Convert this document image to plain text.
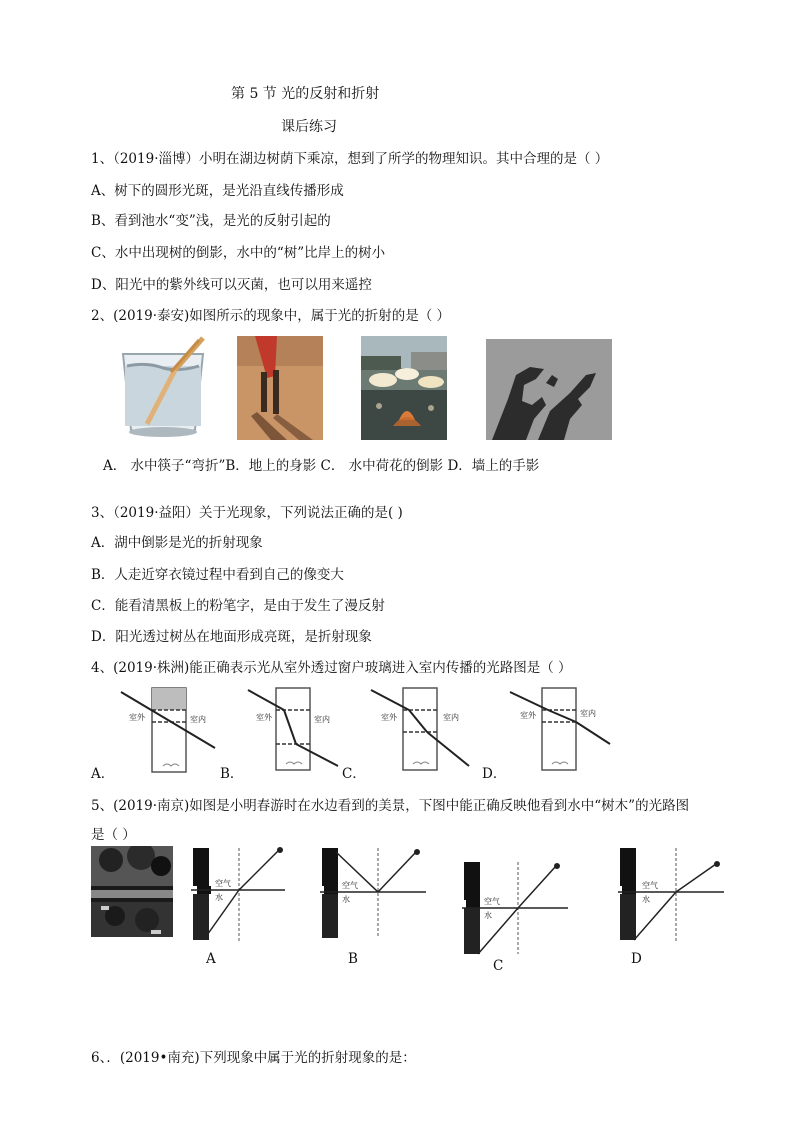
第 5 节 光的反射和折射
课后练习
1、（2019·淄博）小明在湖边树荫下乘凉，想到了所学的物理知识。其中合理的是（ ）
A、树下的圆形光斑，是光沿直线传播形成
B、看到池水“变”浅，是光的反射引起的
C、水中出现树的倒影，水中的“树”比岸上的树小
D、阳光中的紫外线可以灭菌，也可以用来遥控
2、(2019·泰安)如图所示的现象中，属于光的折射的是（ ）
A． 水中筷子“弯折”B．地上的身影 C． 水中荷花的倒影 D．墙上的手影
3、（2019·益阳）关于光现象，下列说法正确的是( )
A．湖中倒影是光的折射现象
B．人走近穿衣镜过程中看到自己的像变大
C．能看清黑板上的粉笔字，是由于发生了漫反射
D．阳光透过树丛在地面形成亮斑，是折射现象
4、(2019·株洲)能正确表示光从室外透过窗户玻璃进入室内传播的光路图是（ ）
室外	室内
A．
室外	室内
B．
室外	室内
C．
室外	室内
D．
5、(2019·南京)如图是小明春游时在水边看到的美景，下图中能正确反映他看到水中“树木”的光路图
是（ ）
空气
水
A
空气
水
B
空气
水
C
空气
水
D
6、．(2019•南充)下列现象中属于光的折射现象的是：
